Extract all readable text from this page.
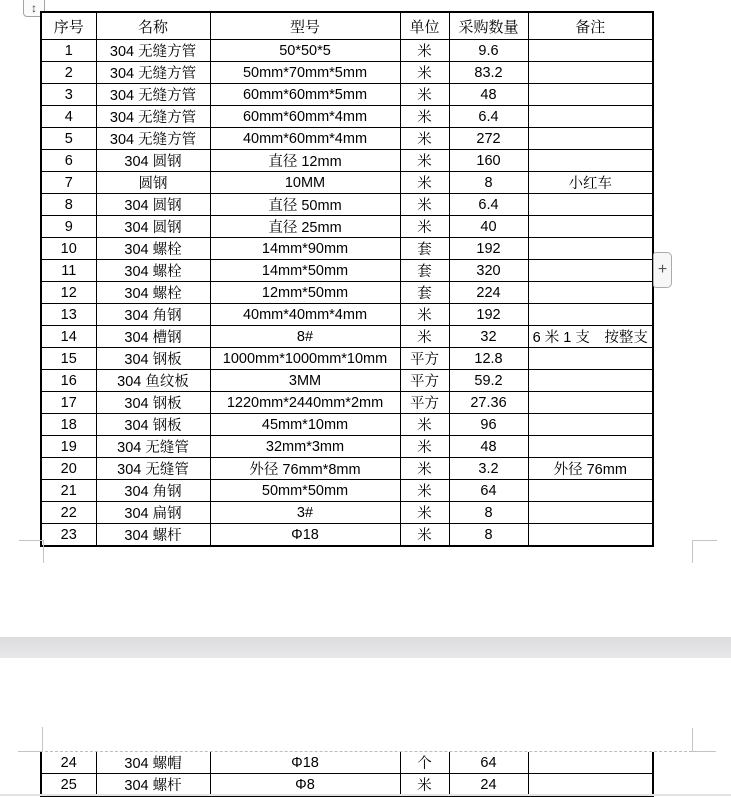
↕
序号	名称	型号	单位	采购数量	备注
1	304 无缝方管	50*50*5	米	9.6	
2	304 无缝方管	50mm*70mm*5mm	米	83.2	
3	304 无缝方管	60mm*60mm*5mm	米	48	
4	304 无缝方管	60mm*60mm*4mm	米	6.4	
5	304 无缝方管	40mm*60mm*4mm	米	272	
6	304 圆钢	直径 12mm	米	160	
7	圆钢	10MM	米	8	小红车
8	304 圆钢	直径 50mm	米	6.4	
9	304 圆钢	直径 25mm	米	40	
10	304 螺栓	14mm*90mm	套	192	
11	304 螺栓	14mm*50mm	套	320	
12	304 螺栓	12mm*50mm	套	224	
13	304 角钢	40mm*40mm*4mm	米	192	
14	304 槽钢	8#	米	32	6 米 1 支　按整支
15	304 钢板	1000mm*1000mm*10mm	平方	12.8	
16	304 鱼纹板	3MM	平方	59.2	
17	304 钢板	1220mm*2440mm*2mm	平方	27.36	
18	304 钢板	45mm*10mm	米	96	
19	304 无缝管	32mm*3mm	米	48	
20	304 无缝管	外径 76mm*8mm	米	3.2	外径 76mm
21	304 角钢	50mm*50mm	米	64	
22	304 扁钢	3#	米	8	
23	304 螺杆	Φ18	米	8	
+
24	304 螺帽	Φ18	个	64	
25	304 螺杆	Φ8	米	24	
